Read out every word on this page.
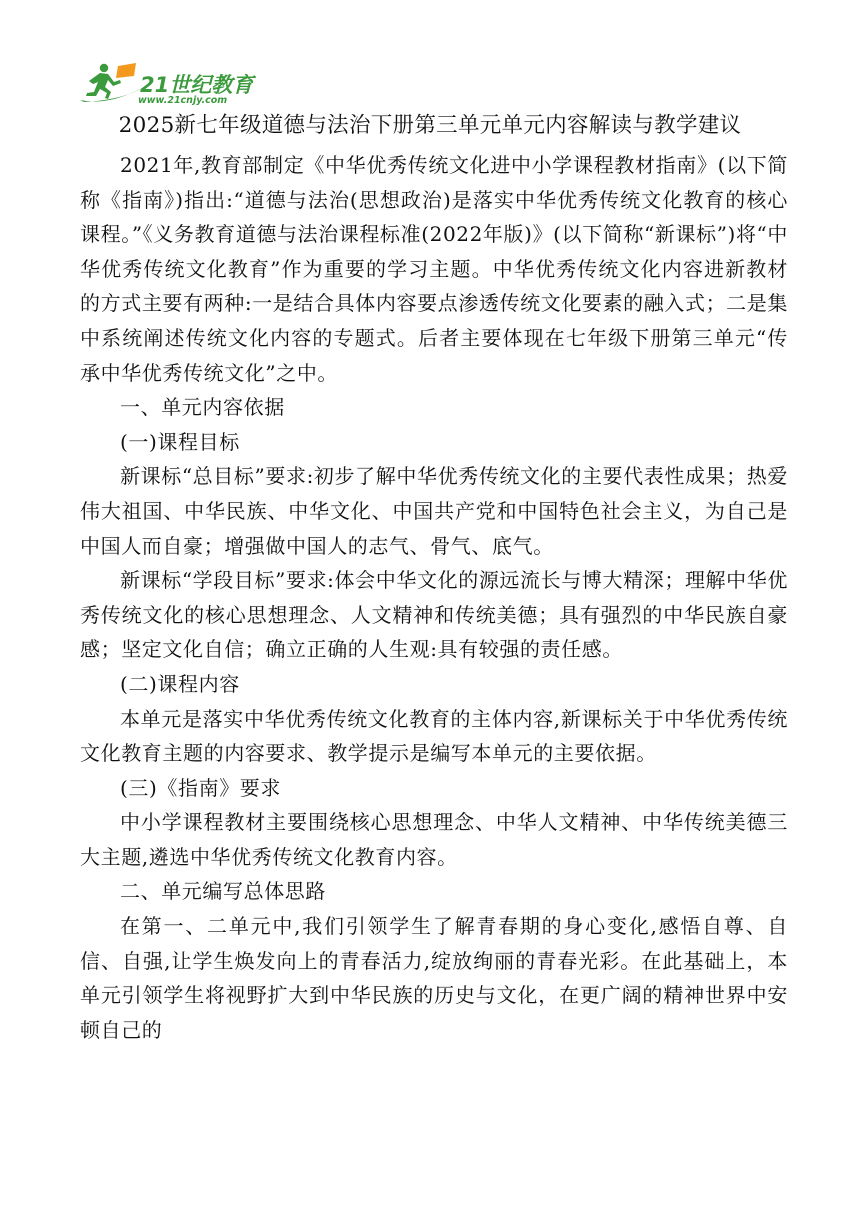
21世纪教育
www.21cnjy.com
2025新七年级道德与法治下册第三单元单元内容解读与教学建议

2021年,教育部制定《中华优秀传统文化进中小学课程教材指南》(以下简称《指南》)指出:“道德与法治(思想政治)是落实中华优秀传统文化教育的核心课程。”《义务教育道德与法治课程标准(2022年版)》(以下简称“新课标”)将“中华优秀传统文化教育”作为重要的学习主题。中华优秀传统文化内容进新教材的方式主要有两种:一是结合具体内容要点渗透传统文化要素的融入式；二是集中系统阐述传统文化内容的专题式。后者主要体现在七年级下册第三单元“传承中华优秀传统文化”之中。

一、单元内容依据

(一)课程目标

新课标“总目标”要求:初步了解中华优秀传统文化的主要代表性成果；热爱伟大祖国、中华民族、中华文化、中国共产党和中国特色社会主义，为自己是中国人而自豪；增强做中国人的志气、骨气、底气。

新课标“学段目标”要求:体会中华文化的源远流长与博大精深；理解中华优秀传统文化的核心思想理念、人文精神和传统美德；具有强烈的中华民族自豪感；坚定文化自信；确立正确的人生观:具有较强的责任感。

(二)课程内容

本单元是落实中华优秀传统文化教育的主体内容,新课标关于中华优秀传统文化教育主题的内容要求、教学提示是编写本单元的主要依据。

(三)《指南》要求

中小学课程教材主要围绕核心思想理念、中华人文精神、中华传统美德三大主题,遴选中华优秀传统文化教育内容。

二、单元编写总体思路

在第一、二单元中,我们引领学生了解青春期的身心变化,感悟自尊、自信、自强,让学生焕发向上的青春活力,绽放绚丽的青春光彩。在此基础上，本单元引领学生将视野扩大到中华民族的历史与文化，在更广阔的精神世界中安顿自己的
